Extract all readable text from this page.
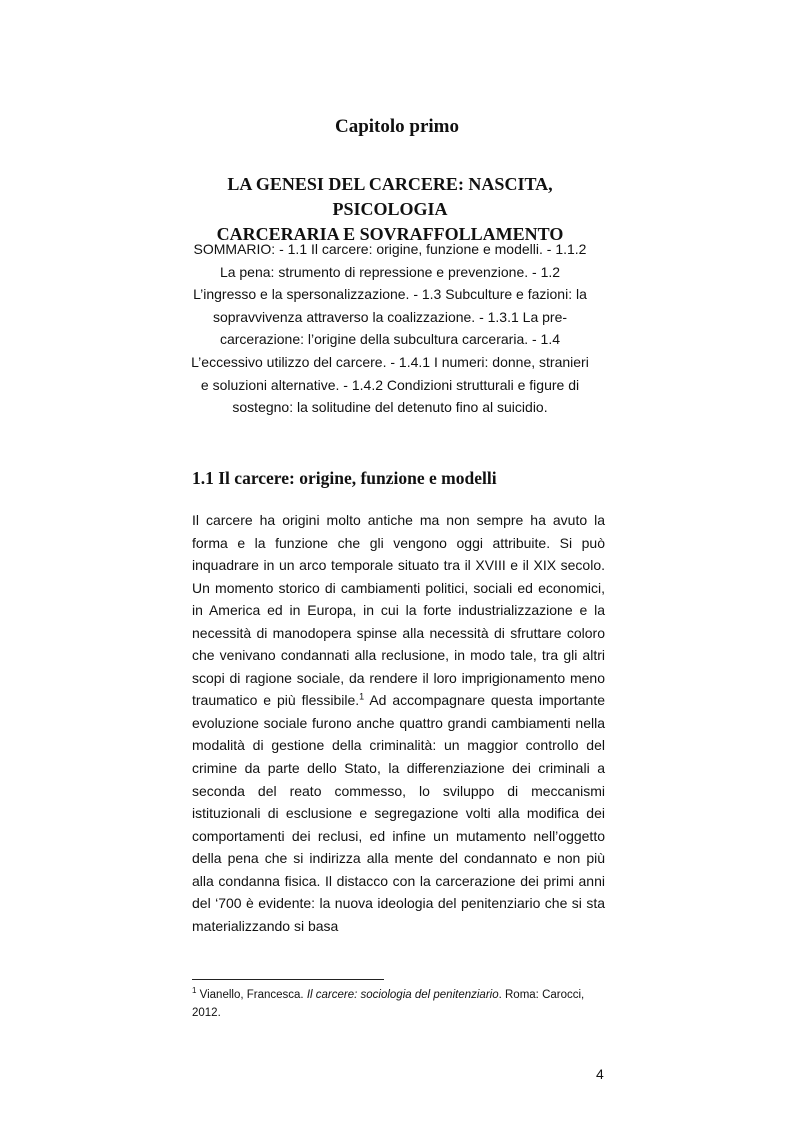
Capitolo primo
LA GENESI DEL CARCERE: NASCITA, PSICOLOGIA
CARCERARIA E SOVRAFFOLLAMENTO
SOMMARIO: - 1.1 Il carcere: origine, funzione e modelli. - 1.1.2 La pena: strumento di repressione e prevenzione. - 1.2 L’ingresso e la spersonalizzazione. - 1.3 Subculture e fazioni: la sopravvivenza attraverso la coalizzazione. - 1.3.1 La pre-carcerazione: l’origine della subcultura carceraria. - 1.4 L’eccessivo utilizzo del carcere. - 1.4.1 I numeri: donne, stranieri e soluzioni alternative. - 1.4.2 Condizioni strutturali e figure di sostegno: la solitudine del detenuto fino al suicidio.
1.1 Il carcere: origine, funzione e modelli

Il carcere ha origini molto antiche ma non sempre ha avuto la forma e la funzione che gli vengono oggi attribuite. Si può inquadrare in un arco temporale situato tra il XVIII e il XIX secolo. Un momento storico di cambiamenti politici, sociali ed economici, in America ed in Europa, in cui la forte industrializzazione e la necessità di manodopera spinse alla necessità di sfruttare coloro che venivano condannati alla reclusione, in modo tale, tra gli altri scopi di ragione sociale, da rendere il loro imprigionamento meno traumatico e più flessibile.$^1$ Ad accompagnare questa importante evoluzione sociale furono anche quattro grandi cambiamenti nella modalità di gestione della criminalità: un maggior controllo del crimine da parte dello Stato, la differenziazione dei criminali a seconda del reato commesso, lo sviluppo di meccanismi istituzionali di esclusione e segregazione volti alla modifica dei comportamenti dei reclusi, ed infine un mutamento nell’oggetto della pena che si indirizza alla mente del condannato e non più alla condanna fisica. Il distacco con la carcerazione dei primi anni del ‘700 è evidente: la nuova ideologia del penitenziario che si sta materializzando si basa

$^1$ Vianello, Francesca. Il carcere: sociologia del penitenziario. Roma: Carocci, 2012.
4
